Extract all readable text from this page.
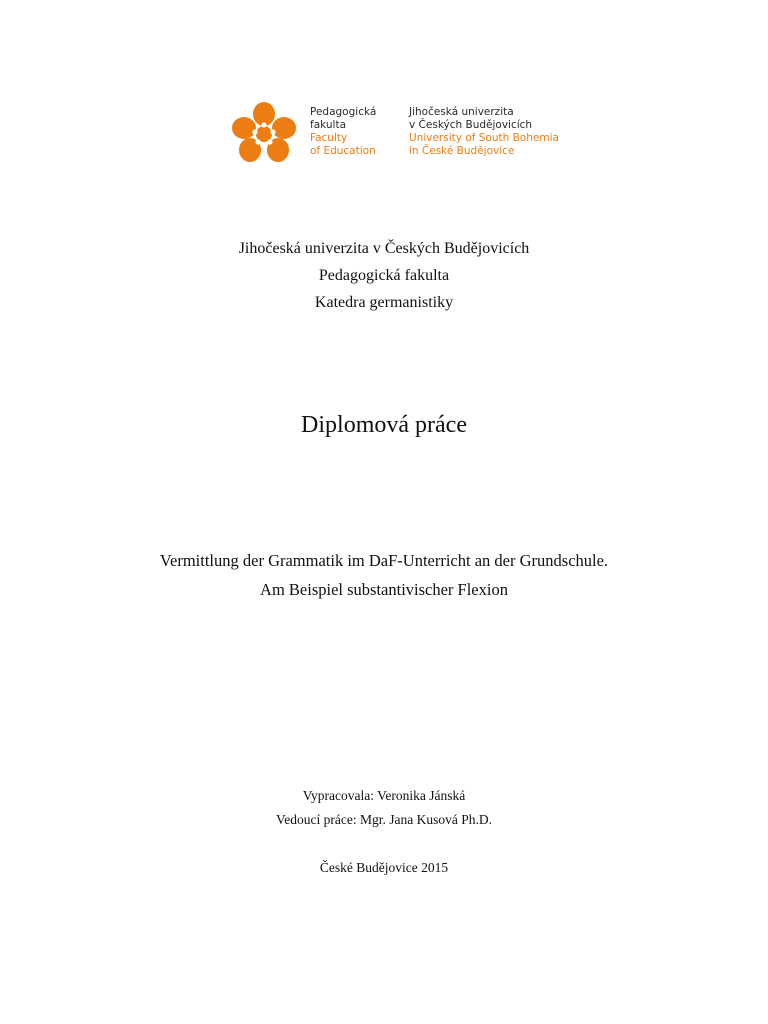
Pedagogická
fakulta
Faculty
of Education
Jihočeská univerzita
v Českých Budějovicích
University of South Bohemia
in České Budějovice
Jihočeská univerzita v Českých Budějovicích
Pedagogická fakulta
Katedra germanistiky
Diplomová práce
Vermittlung der Grammatik im DaF-Unterricht an der Grundschule.
Am Beispiel substantivischer Flexion
Vypracovala: Veronika Jánská
Vedoucí práce: Mgr. Jana Kusová Ph.D.
České Budějovice 2015
